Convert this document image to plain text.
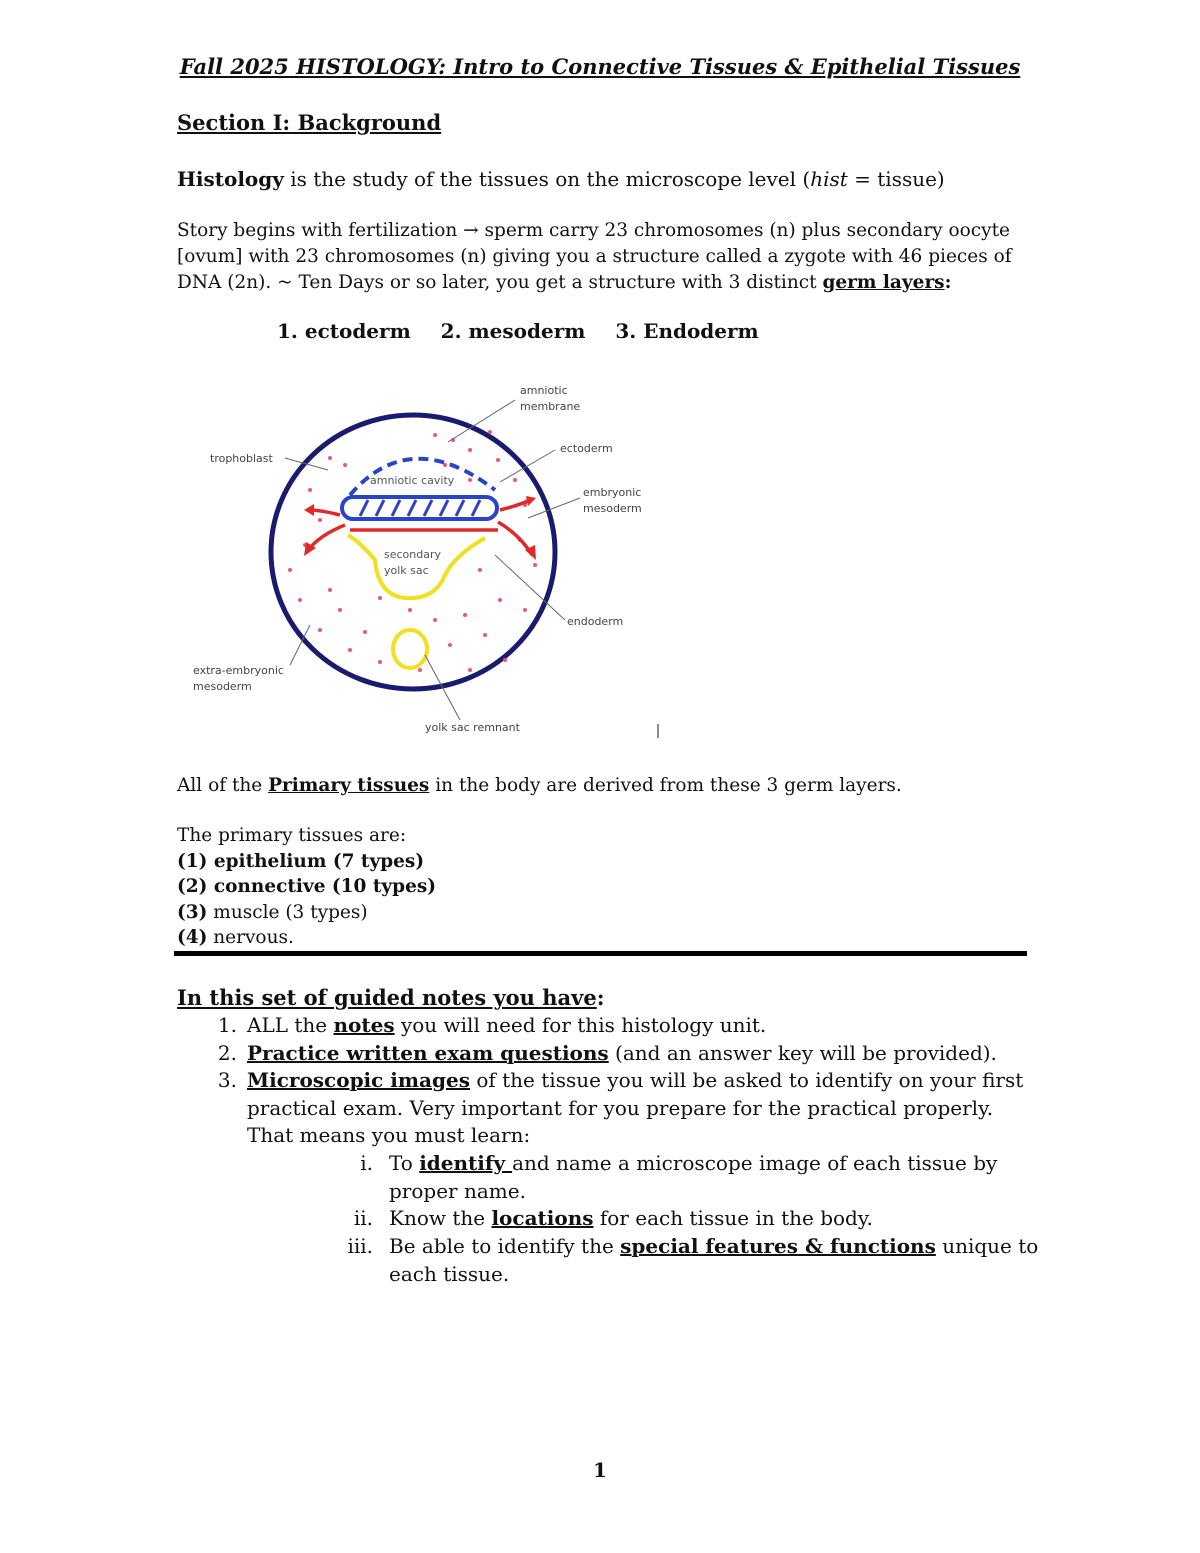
Fall 2025 HISTOLOGY: Intro to Connective Tissues & Epithelial Tissues
Section I: Background
Histology is the study of the tissues on the microscope level (hist = tissue)
Story begins with fertilization → sperm carry 23 chromosomes (n) plus secondary oocyte
[ovum] with 23 chromosomes (n) giving you a structure called a zygote with 46 pieces of
DNA (2n). ~ Ten Days or so later, you get a structure with 3 distinct germ layers:
1. ectoderm 2. mesoderm 3. Endoderm
amniotic
membrane
ectoderm
trophoblast
amniotic cavity
embryonic
mesoderm
secondary
yolk sac
endoderm
extra-embryonic
mesoderm
yolk sac remnant
All of the Primary tissues in the body are derived from these 3 germ layers.
The primary tissues are:
(1) epithelium (7 types)
(2) connective (10 types)
(3) muscle (3 types)
(4) nervous.
In this set of guided notes you have:
1. ALL the notes you will need for this histology unit.
2. Practice written exam questions (and an answer key will be provided).
3. Microscopic images of the tissue you will be asked to identify on your first
practical exam. Very important for you prepare for the practical properly.
That means you must learn:
i. To identify and name a microscope image of each tissue by
proper name.
ii. Know the locations for each tissue in the body.
iii. Be able to identify the special features & functions unique to
each tissue.
1
